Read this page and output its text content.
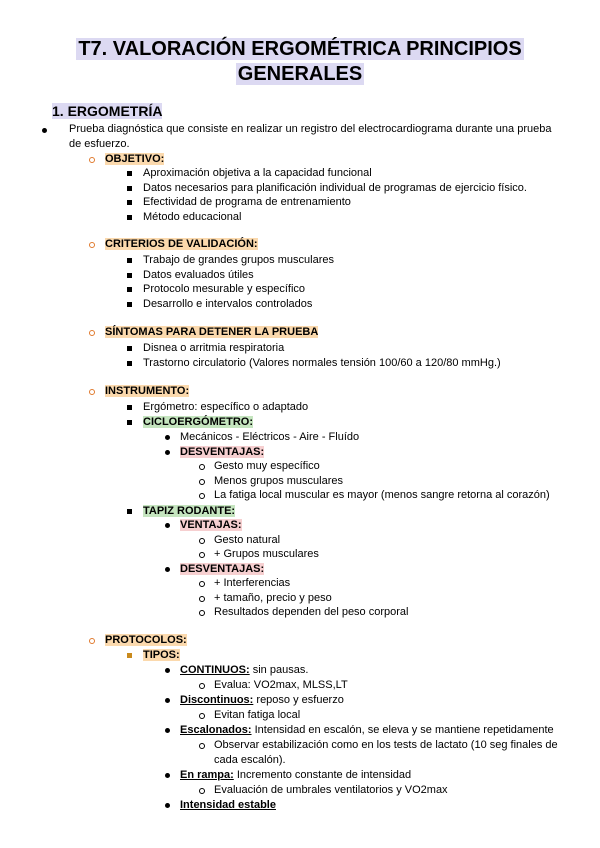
T7. VALORACIÓN ERGOMÉTRICA PRINCIPIOS
GENERALES
1. ERGOMETRÍA
Prueba diagnóstica que consiste en realizar un registro del electrocardiograma durante una prueba
de esfuerzo.
OBJETIVO:
Aproximación objetiva a la capacidad funcional
Datos necesarios para planificación individual de programas de ejercicio físico.
Efectividad de programa de entrenamiento
Método educacional
CRITERIOS DE VALIDACIÓN:
Trabajo de grandes grupos musculares
Datos evaluados útiles
Protocolo mesurable y específico
Desarrollo e intervalos controlados
SÍNTOMAS PARA DETENER LA PRUEBA
Disnea o arritmia respiratoria
Trastorno circulatorio (Valores normales tensión 100/60 a 120/80 mmHg.)
INSTRUMENTO:
Ergómetro: específico o adaptado
CICLOERGÓMETRO:
Mecánicos - Eléctricos - Aire - Fluído
DESVENTAJAS:
Gesto muy específico
Menos grupos musculares
La fatiga local muscular es mayor (menos sangre retorna al corazón)
TAPIZ RODANTE:
VENTAJAS:
Gesto natural
+ Grupos musculares
DESVENTAJAS:
+ Interferencias
+ tamaño, precio y peso
Resultados dependen del peso corporal
PROTOCOLOS:
TIPOS:
CONTINUOS: sin pausas.
Evalua: VO2max, MLSS,LT
Discontinuos: reposo y esfuerzo
Evitan fatiga local
Escalonados: Intensidad en escalón, se eleva y se mantiene repetidamente
Observar estabilización como en los tests de lactato (10 seg finales de
cada escalón).
En rampa: Incremento constante de intensidad
Evaluación de umbrales ventilatorios y VO2max
Intensidad estable
